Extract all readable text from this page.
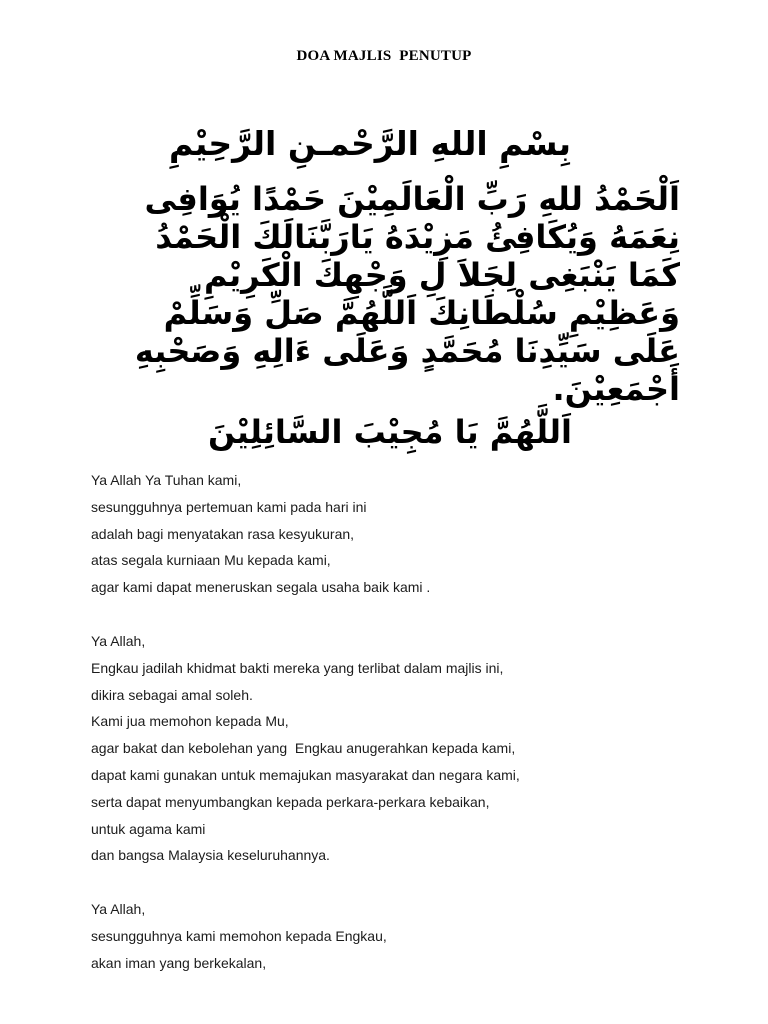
DOA MAJLIS  PENUTUP
بِسْمِ اللهِ الرَّحْمـنِ الرَّحِيْمِ
اَلْحَمْدُ للهِ رَبِّ الْعَالَمِيْنَ حَمْدًا يُوَافِى
نِعَمَهُ وَيُكَافِئُ مَزِيْدَهُ يَارَبَّنَالَكَ الْحَمْدُ
كَمَا يَنْبَغِى لِجَلاَ لِ وَجْهِكَ الْكَرِيْمِ
وَعَظِيْمِ سُلْطَانِكَ اَللَّهُمَّ صَلِّ وَسَلِّمْ
عَلَى سَيِّدِنَا مُحَمَّدٍ وَعَلَى ءَالِهِ وَصَحْبِهِ
أَجْمَعِيْنَ.
اَللَّهُمَّ يَا مُجِيْبَ السَّائِلِيْنَ
Ya Allah Ya Tuhan kami,
sesungguhnya pertemuan kami pada hari ini
adalah bagi menyatakan rasa kesyukuran,
atas segala kurniaan Mu kepada kami,
agar kami dapat meneruskan segala usaha baik kami .
Ya Allah,
Engkau jadilah khidmat bakti mereka yang terlibat dalam majlis ini,
dikira sebagai amal soleh.
Kami jua memohon kepada Mu,
agar bakat dan kebolehan yang  Engkau anugerahkan kepada kami,
dapat kami gunakan untuk memajukan masyarakat dan negara kami,
serta dapat menyumbangkan kepada perkara-perkara kebaikan,
untuk agama kami
dan bangsa Malaysia keseluruhannya.
Ya Allah,
sesungguhnya kami memohon kepada Engkau,
akan iman yang berkekalan,
